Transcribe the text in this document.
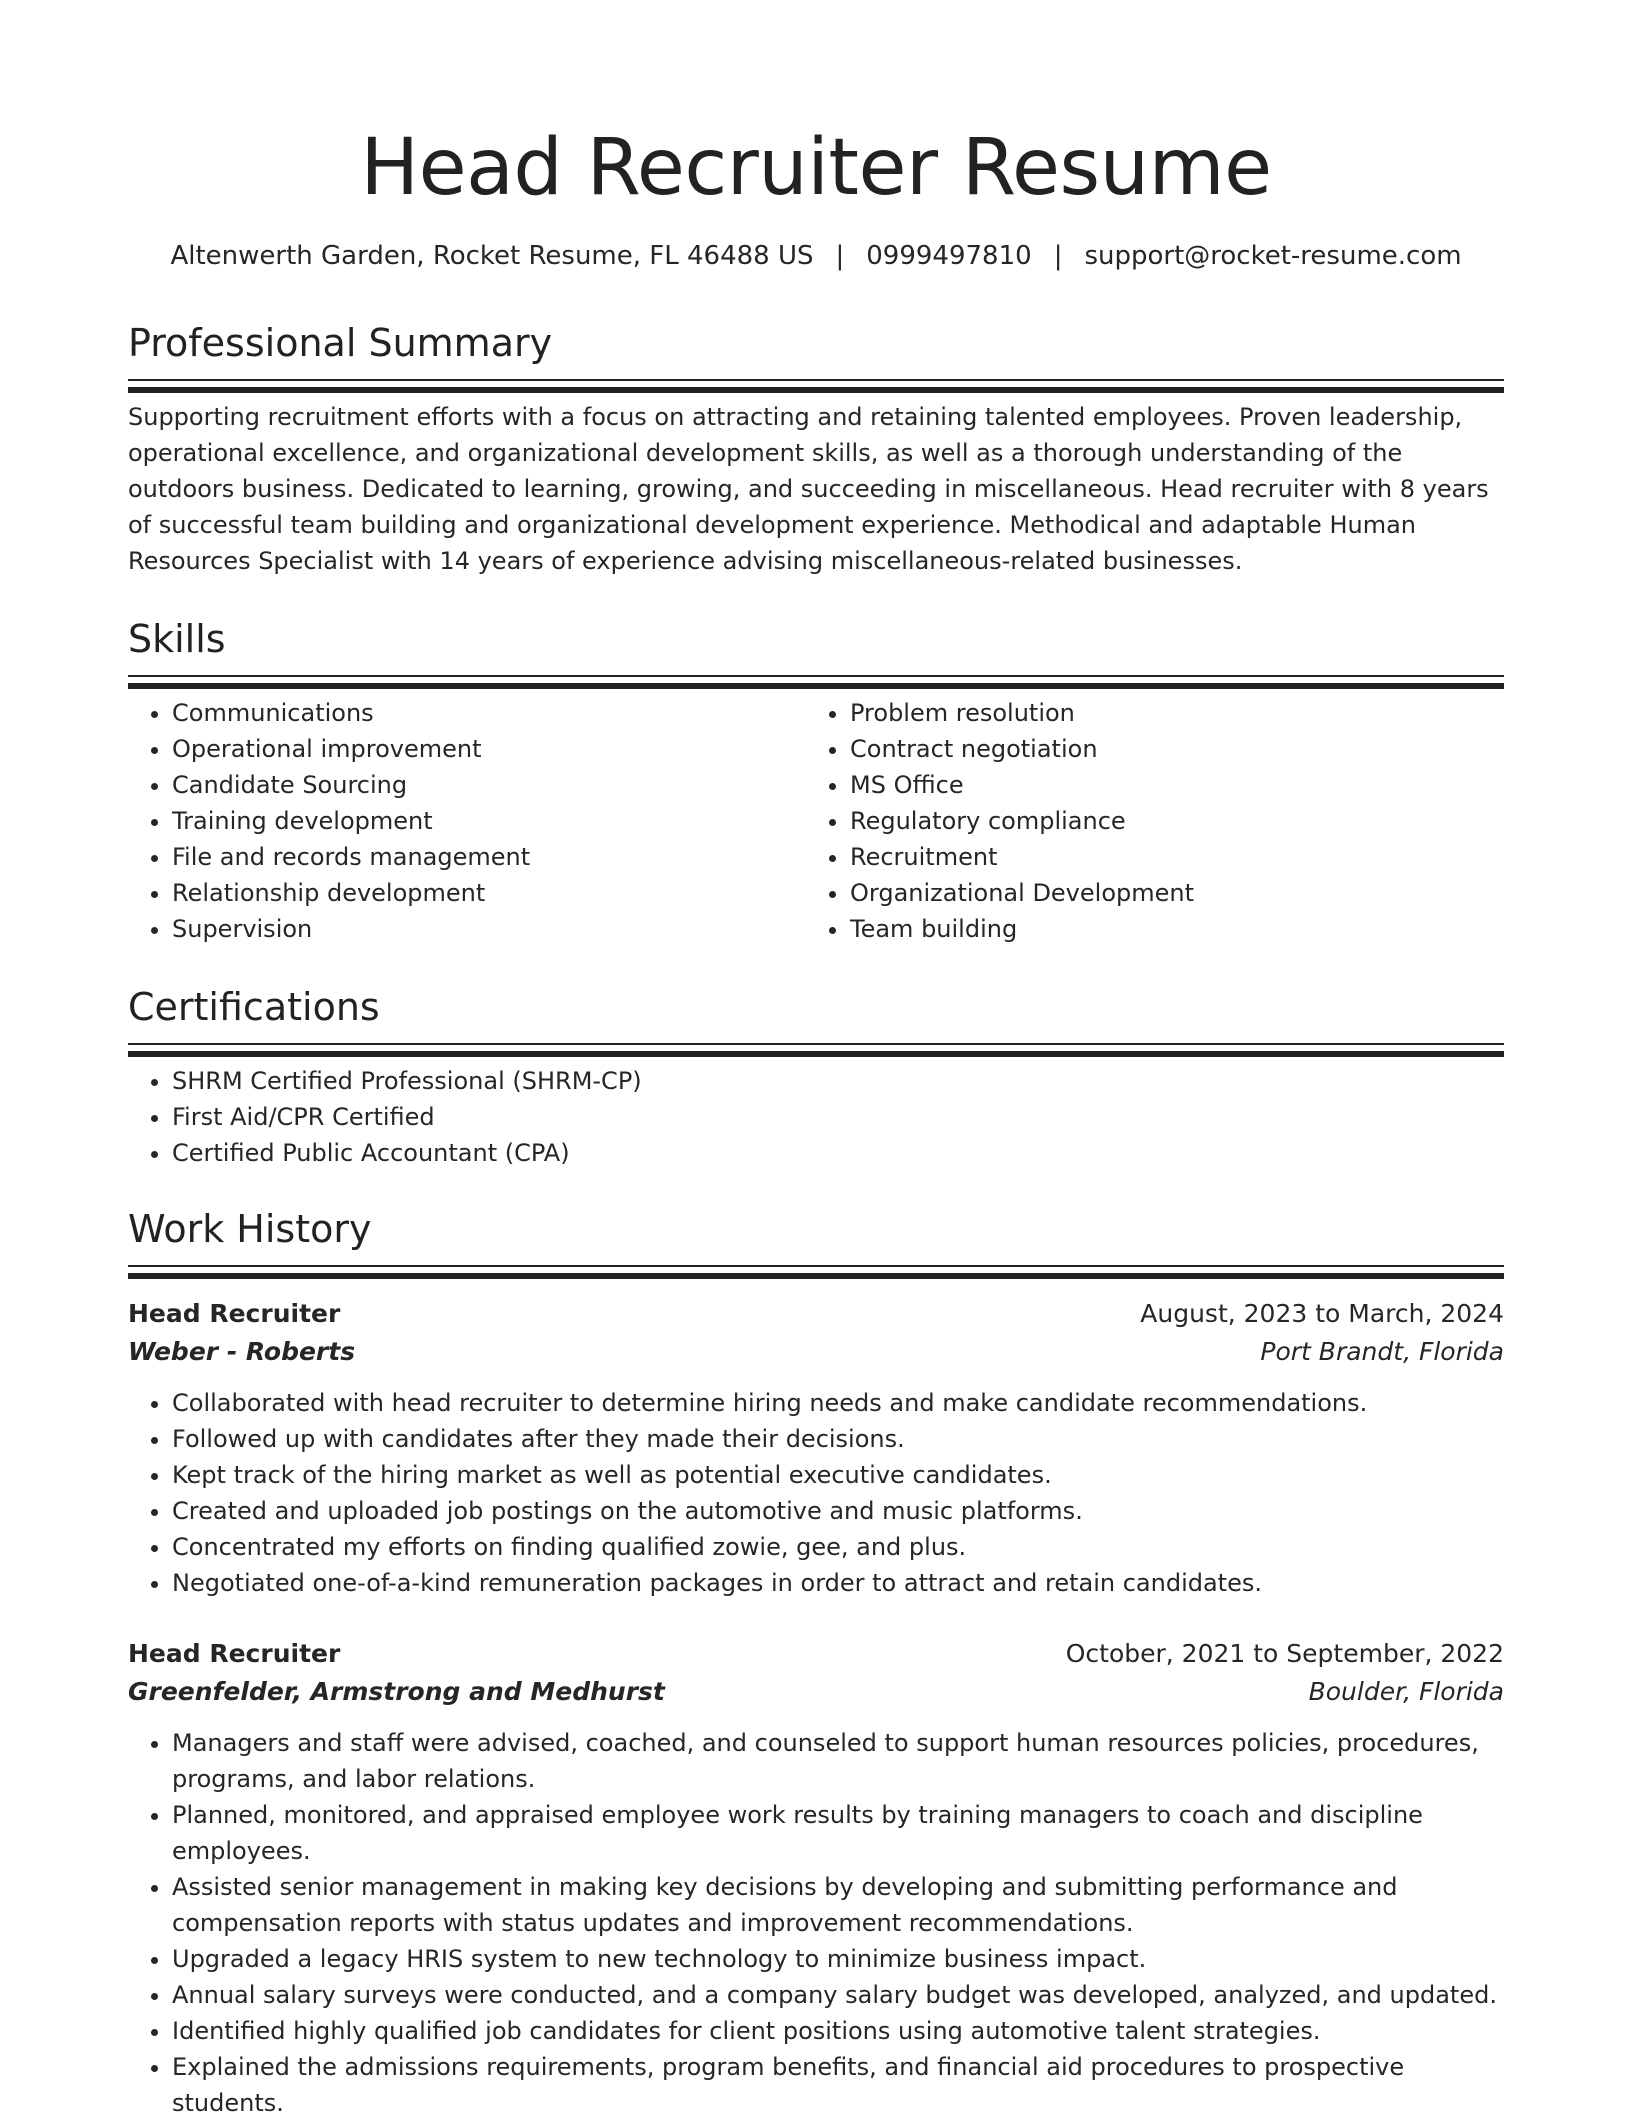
Head Recruiter Resume
Altenwerth Garden, Rocket Resume, FL 46488 US | 0999497810 | support@rocket-resume.com
Professional Summary

Supporting recruitment efforts with a focus on attracting and retaining talented employees. Proven leadership, operational excellence, and organizational development skills, as well as a thorough understanding of the outdoors business. Dedicated to learning, growing, and succeeding in miscellaneous. Head recruiter with 8 years of successful team building and organizational development experience. Methodical and adaptable Human Resources Specialist with 14 years of experience advising miscellaneous-related businesses.

Skills
• Communications
• Operational improvement
• Candidate Sourcing
• Training development
• File and records management
• Relationship development
• Supervision
• Problem resolution
• Contract negotiation
• MS Office
• Regulatory compliance
• Recruitment
• Organizational Development
• Team building
Certifications
• SHRM Certified Professional (SHRM-CP)
• First Aid/CPR Certified
• Certified Public Accountant (CPA)
Work History
Head Recruiter	August, 2023 to March, 2024
Weber - Roberts	Port Brandt, Florida
• Collaborated with head recruiter to determine hiring needs and make candidate recommendations.
• Followed up with candidates after they made their decisions.
• Kept track of the hiring market as well as potential executive candidates.
• Created and uploaded job postings on the automotive and music platforms.
• Concentrated my efforts on finding qualified zowie, gee, and plus.
• Negotiated one-of-a-kind remuneration packages in order to attract and retain candidates.
Head Recruiter	October, 2021 to September, 2022
Greenfelder, Armstrong and Medhurst	Boulder, Florida
• Managers and staff were advised, coached, and counseled to support human resources policies, procedures, programs, and labor relations.
• Planned, monitored, and appraised employee work results by training managers to coach and discipline employees.
• Assisted senior management in making key decisions by developing and submitting performance and compensation reports with status updates and improvement recommendations.
• Upgraded a legacy HRIS system to new technology to minimize business impact.
• Annual salary surveys were conducted, and a company salary budget was developed, analyzed, and updated.
• Identified highly qualified job candidates for client positions using automotive talent strategies.
• Explained the admissions requirements, program benefits, and financial aid procedures to prospective students.
